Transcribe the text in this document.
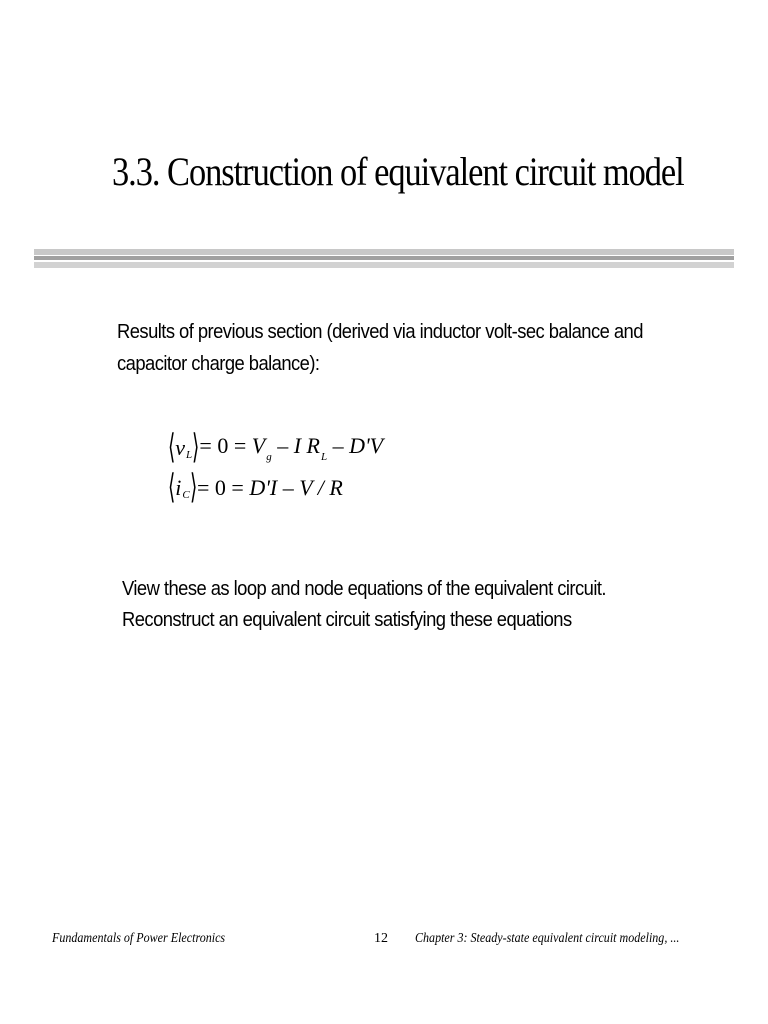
3.3. Construction of equivalent circuit model

Results of previous section (derived via inductor volt-sec balance and capacitor charge balance):

⟨ v L ⟩ = $0 = V_g - I$ $R_L - D'V$
⟨ i C ⟩ = 0 = D'I – V / R

View these as loop and node equations of the equivalent circuit.

Reconstruct an equivalent circuit satisfying these equations

Fundamentals of Power Electronics	12 Chapter 3: Steady-state equivalent circuit modeling, ...
